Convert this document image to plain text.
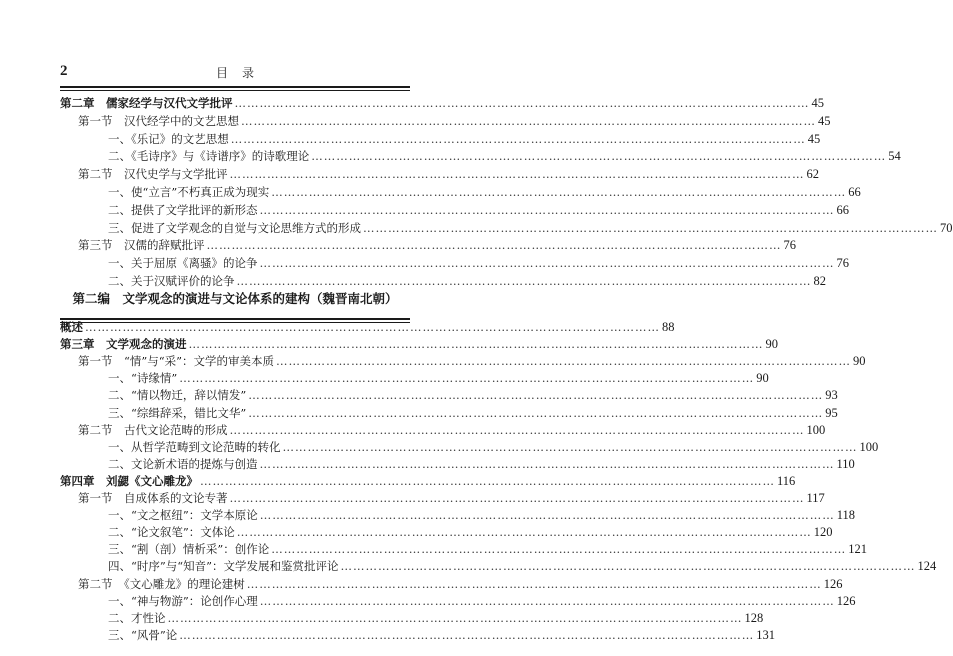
2	目录
第二章　儒家经学与汉代文学批评 ………………………………………………………………………………………………………………………… 45
第一节　汉代经学中的文艺思想 ………………………………………………………………………………………………………………………… 45
一、《乐记》的文艺思想 ………………………………………………………………………………………………………………………… 45
二、《毛诗序》与《诗谱序》的诗歌理论 ………………………………………………………………………………………………………………………… 54
第二节　汉代史学与文学批评 ………………………………………………………………………………………………………………………… 62
一、使“立言”不朽真正成为现实 ………………………………………………………………………………………………………………………… 66
二、提供了文学批评的新形态 ………………………………………………………………………………………………………………………… 66
三、促进了文学观念的自觉与文论思维方式的形成 ………………………………………………………………………………………………………………………… 70
第三节　汉儒的辞赋批评 ………………………………………………………………………………………………………………………… 76
一、关于屈原《离骚》的论争 ………………………………………………………………………………………………………………………… 76
二、关于汉赋评价的论争 ………………………………………………………………………………………………………………………… 82
第二编　文学观念的演进与文论体系的建构（魏晋南北朝）
概述 ………………………………………………………………………………………………………………………… 88
第三章　文学观念的演进 ………………………………………………………………………………………………………………………… 90
第一节　“情”与“采”：文学的审美本质 ………………………………………………………………………………………………………………………… 90
一、“诗缘情” ………………………………………………………………………………………………………………………… 90
二、“情以物迁，辞以情发” ………………………………………………………………………………………………………………………… 93
三、“综缉辞采，错比文华” ………………………………………………………………………………………………………………………… 95
第二节　古代文论范畴的形成 ………………………………………………………………………………………………………………………… 100
一、从哲学范畴到文论范畴的转化 ………………………………………………………………………………………………………………………… 100
二、文论新术语的提炼与创造 ………………………………………………………………………………………………………………………… 110
第四章　刘勰《文心雕龙》 ………………………………………………………………………………………………………………………… 116
第一节　自成体系的文论专著 ………………………………………………………………………………………………………………………… 117
一、“文之枢纽”：文学本原论 ………………………………………………………………………………………………………………………… 118
二、“论文叙笔”：文体论 ………………………………………………………………………………………………………………………… 120
三、“割（剖）情析采”：创作论 ………………………………………………………………………………………………………………………… 121
四、“时序”与“知音”：文学发展和鉴赏批评论 ………………………………………………………………………………………………………………………… 124
第二节　《文心雕龙》的理论建树 ………………………………………………………………………………………………………………………… 126
一、“神与物游”：论创作心理 ………………………………………………………………………………………………………………………… 126
二、才性论 ………………………………………………………………………………………………………………………… 128
三、“风骨”论 ………………………………………………………………………………………………………………………… 131
